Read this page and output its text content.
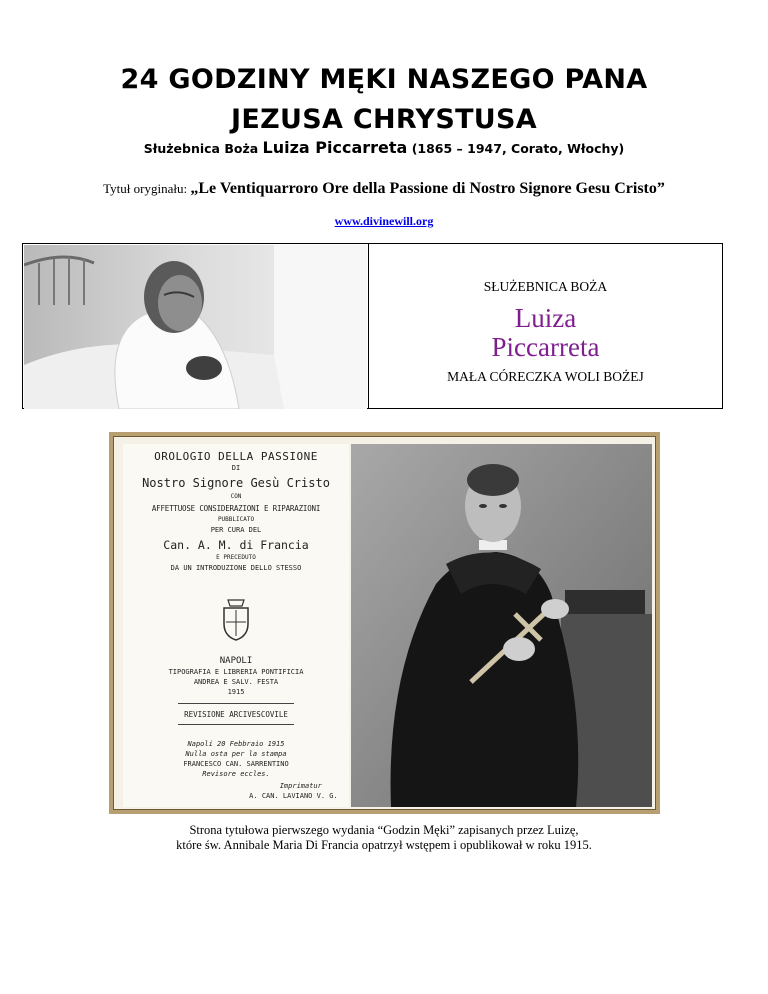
24 GODZINY MĘKI NASZEGO PANA
JEZUSA CHRYSTUSA
Służebnica Boża Luiza Piccarreta (1865 – 1947, Corato, Włochy)
Tytuł oryginału: „Le Ventiquarroro Ore della Passione di Nostro Signore Gesu Cristo”
www.divinewill.org
SŁUŻEBNICA BOŻA
Luiza
Piccarreta
MAŁA CÓRECZKA WOLI BOŻEJ
OROLOGIO DELLA PASSIONE
DI
Nostro Signore Gesù Cristo
CON
AFFETTUOSE CONSIDERAZIONI E RIPARAZIONI
PUBBLICATO
PER CURA DEL
Can. A. M. di Francia
E PRECEDUTO
DA UN INTRODUZIONE DELLO STESSO
NAPOLI
TIPOGRAFIA E LIBRERIA PONTIFICIA
ANDREA E SALV. FESTA
1915
REVISIONE ARCIVESCOVILE
Napoli 20 Febbraio 1915
Nulla osta per la stampa
FRANCESCO CAN. SARRENTINO
Revisore eccles.
Imprimatur
A. CAN. LAVIANO V. G.
Strona tytułowa pierwszego wydania “Godzin Męki” zapisanych przez Luizę,
które św. Annibale Maria Di Francia opatrzył wstępem i opublikował w roku 1915.
